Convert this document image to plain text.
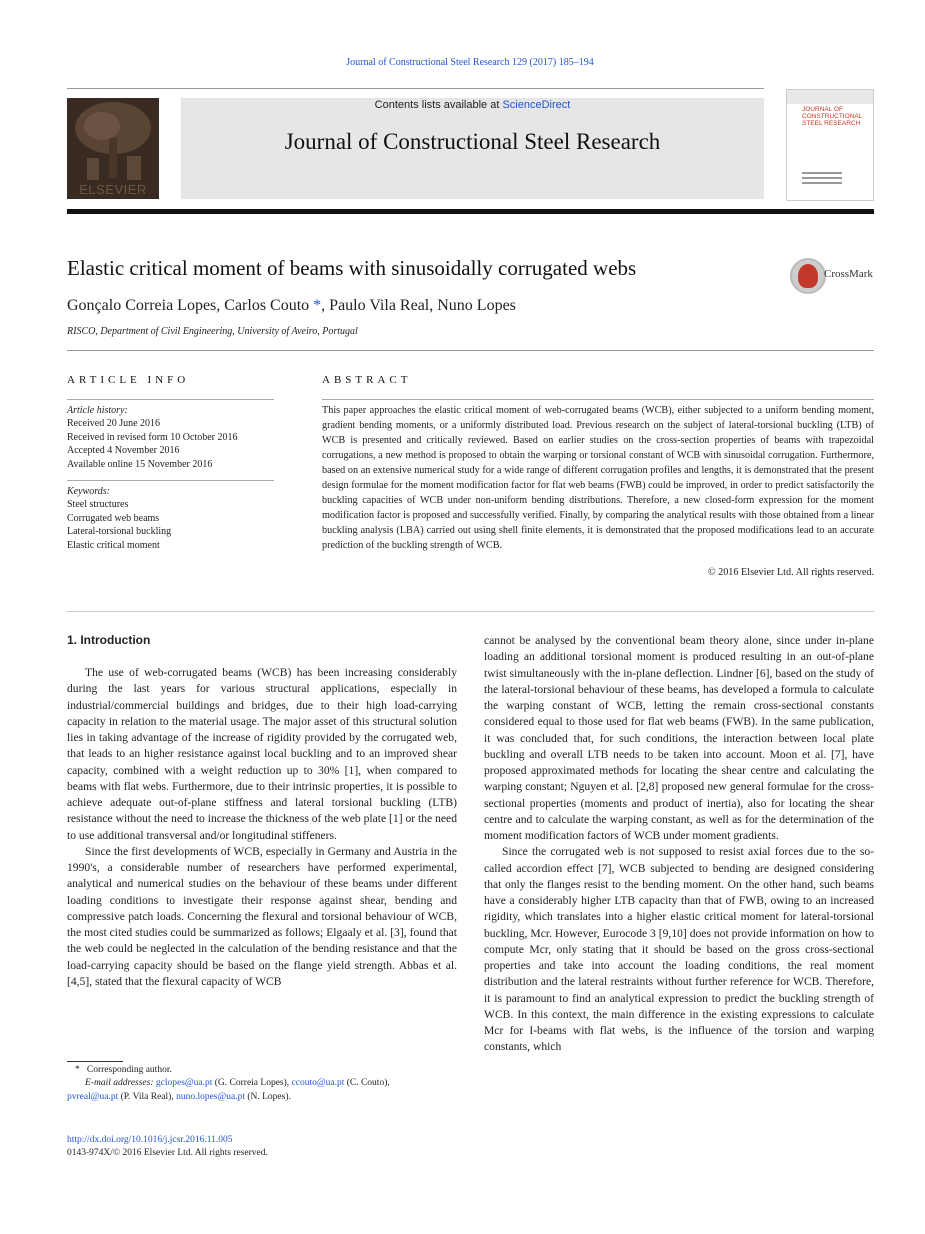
Journal of Constructional Steel Research 129 (2017) 185–194
ELSEVIER
Contents lists available at ScienceDirect
Journal of Constructional Steel Research
JOURNAL OF CONSTRUCTIONAL STEEL RESEARCH
Elastic critical moment of beams with sinusoidally corrugated webs	CrossMark
Gonçalo Correia Lopes, Carlos Couto *, Paulo Vila Real, Nuno Lopes
RISCO, Department of Civil Engineering, University of Aveiro, Portugal
ARTICLE INFO
Article history:
Received 20 June 2016
Received in revised form 10 October 2016
Accepted 4 November 2016
Available online 15 November 2016
Keywords:
Steel structures
Corrugated web beams
Lateral-torsional buckling
Elastic critical moment
ABSTRACT
This paper approaches the elastic critical moment of web-corrugated beams (WCB), either subjected to a uniform bending moment, gradient bending moments, or a uniformly distributed load. Previous research on the subject of lateral-torsional buckling (LTB) of WCB is presented and critically reviewed. Based on earlier studies on the cross-section properties of beams with trapezoidal corrugations, a new method is proposed to obtain the warping or torsional constant of WCB with sinusoidal corrugation. Furthermore, based on an extensive numerical study for a wide range of different corrugation profiles and lengths, it is demonstrated that the present design formulae for the moment modification factor for flat web beams (FWB) could be improved, in order to predict satisfactorily the buckling capacities of WCB under non-uniform bending distributions. Therefore, a new closed-form expression for the moment modification factor is proposed and successfully verified. Finally, by comparing the analytical results with those obtained from a linear buckling analysis (LBA) carried out using shell finite elements, it is demonstrated that the proposed modifications lead to an accurate prediction of the buckling strength of WCB.
© 2016 Elsevier Ltd. All rights reserved.
1. Introduction

The use of web-corrugated beams (WCB) has been increasing considerably during the last years for various structural applications, especially in industrial/commercial buildings and bridges, due to their high load-carrying capacity in relation to the material usage. The major asset of this structural solution lies in taking advantage of the increase of rigidity provided by the corrugated web, that leads to an higher resistance against local buckling and to an improved shear capacity, combined with a weight reduction up to 30% [1], when compared to beams with flat webs. Furthermore, due to their intrinsic properties, it is possible to achieve adequate out-of-plane stiffness and lateral torsional buckling (LTB) resistance without the need to increase the thickness of the web plate [1] or the need to use additional transversal and/or longitudinal stiffeners.

Since the first developments of WCB, especially in Germany and Austria in the 1990's, a considerable number of researchers have performed experimental, analytical and numerical studies on the behaviour of these beams under different loading conditions to investigate their response against shear, bending and compressive patch loads. Concerning the flexural and torsional behaviour of WCB, the most cited studies could be summarized as follows; Elgaaly et al. [3], found that the web could be neglected in the calculation of the bending resistance and that the load-carrying capacity should be based on the flange yield strength. Abbas et al. [4,5], stated that the flexural capacity of WCB

cannot be analysed by the conventional beam theory alone, since under in-plane loading an additional torsional moment is produced resulting in an out-of-plane twist simultaneously with the in-plane deflection. Lindner [6], based on the study of the lateral-torsional behaviour of these beams, has developed a formula to calculate the warping constant of WCB, letting the remain cross-sectional constants considered equal to those used for flat web beams (FWB). In the same publication, it was concluded that, for such conditions, the interaction between local plate buckling and overall LTB needs to be taken into account. Moon et al. [7], have proposed approximated methods for locating the shear centre and calculating the warping constant; Nguyen et al. [2,8] proposed new general formulae for the cross-sectional properties (moments and product of inertia), also for locating the shear centre and to calculate the warping constant, as well as for the determination of the moment modification factors of WCB under moment gradients.

Since the corrugated web is not supposed to resist axial forces due to the so-called accordion effect [7], WCB subjected to bending are designed considering that only the flanges resist to the bending moment. On the other hand, such beams have a considerably higher LTB capacity than that of FWB, owing to an increased rigidity, which translates into a higher elastic critical moment for lateral-torsional buckling, Mcr. However, Eurocode 3 [9,10] does not provide information on how to compute Mcr, only stating that it should be based on the gross cross-sectional properties and take into account the loading conditions, the real moment distribution and the lateral restraints without further reference for WCB. Therefore, it is paramount to find an analytical expression to predict the buckling strength of WCB. In this context, the main difference in the existing expressions to calculate Mcr for I-beams with flat webs, is the influence of the torsion and warping constants, which

* Corresponding author.
E-mail addresses: gclopes@ua.pt (G. Correia Lopes), ccouto@ua.pt (C. Couto),
pvreal@ua.pt (P. Vila Real), nuno.lopes@ua.pt (N. Lopes).
http://dx.doi.org/10.1016/j.jcsr.2016.11.005
0143-974X/© 2016 Elsevier Ltd. All rights reserved.
